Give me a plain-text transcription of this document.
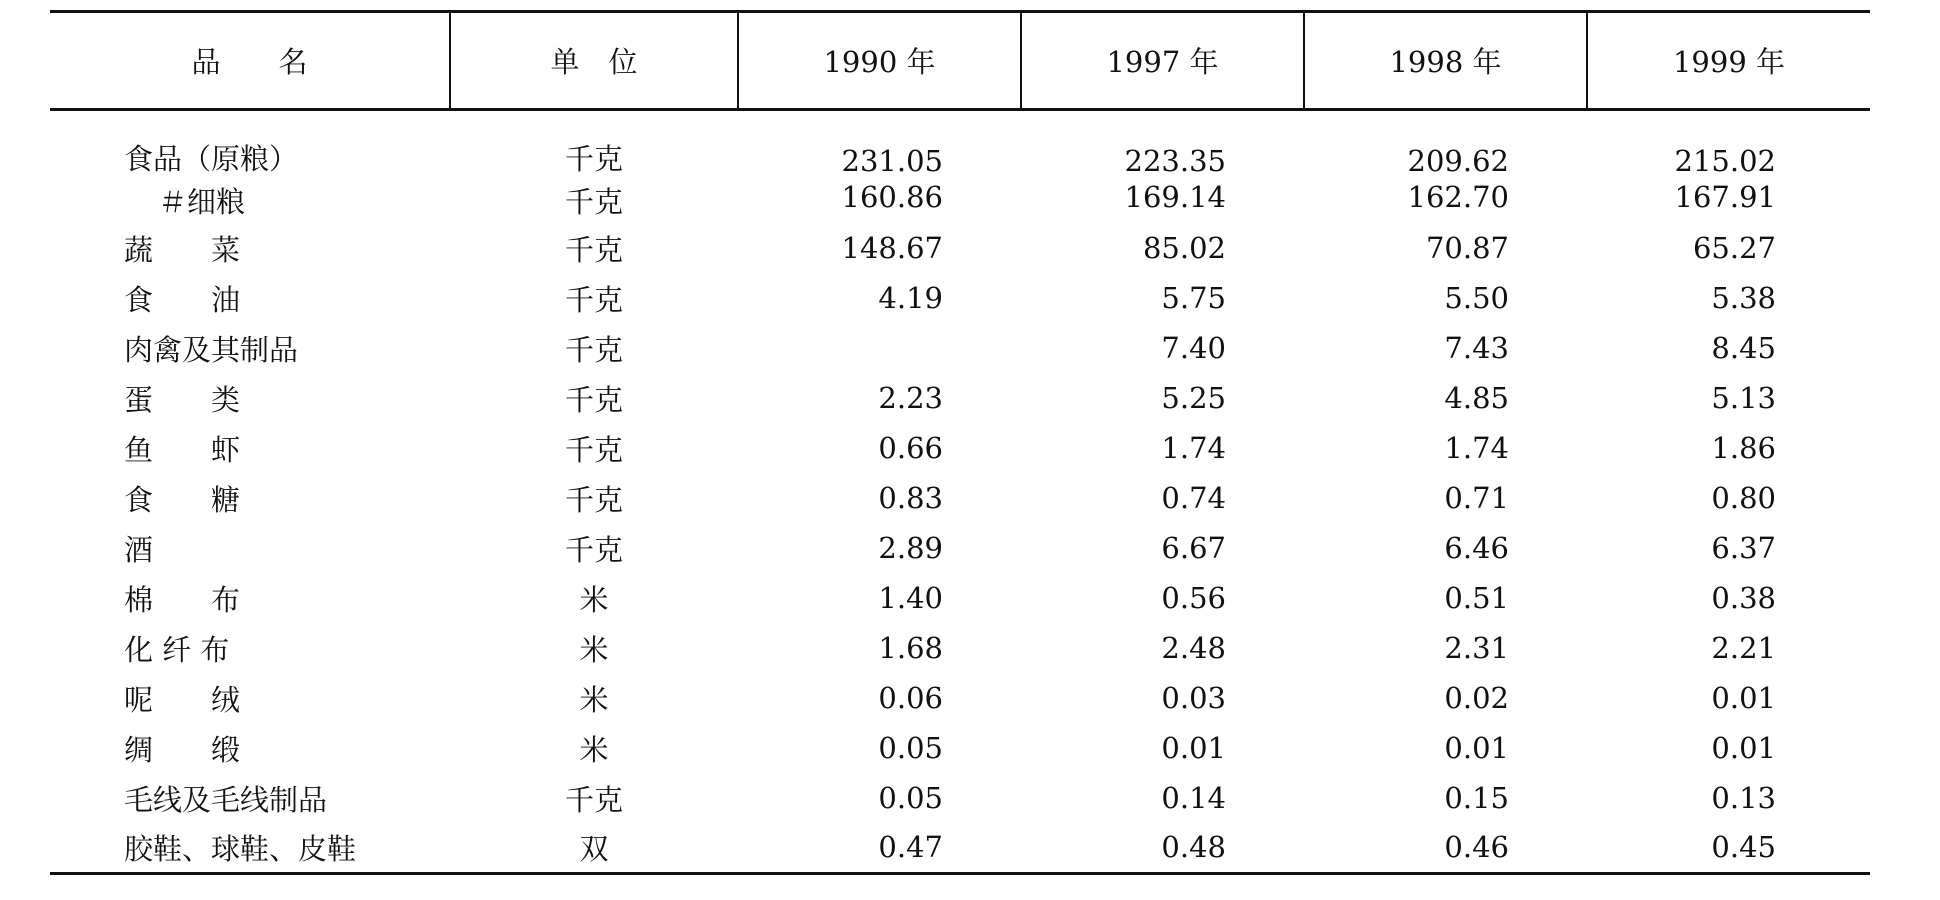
品　　名	单　位	1990 年	1997 年	1998 年	1999 年
食品（原粮）	千克	231.05	223.35	209.62	215.02
＃细粮	千克	160.86	169.14	162.70	167.91
蔬　　菜	千克	148.67	85.02	70.87	65.27
食　　油	千克	4.19	5.75	5.50	5.38
肉禽及其制品	千克		7.40	7.43	8.45
蛋　　类	千克	2.23	5.25	4.85	5.13
鱼　　虾	千克	0.66	1.74	1.74	1.86
食　　糖	千克	0.83	0.74	0.71	0.80
酒	千克	2.89	6.67	6.46	6.37
棉　　布	米	1.40	0.56	0.51	0.38
化 纤 布	米	1.68	2.48	2.31	2.21
呢　　绒	米	0.06	0.03	0.02	0.01
绸　　缎	米	0.05	0.01	0.01	0.01
毛线及毛线制品	千克	0.05	0.14	0.15	0.13
胶鞋、球鞋、皮鞋	双	0.47	0.48	0.46	0.45
